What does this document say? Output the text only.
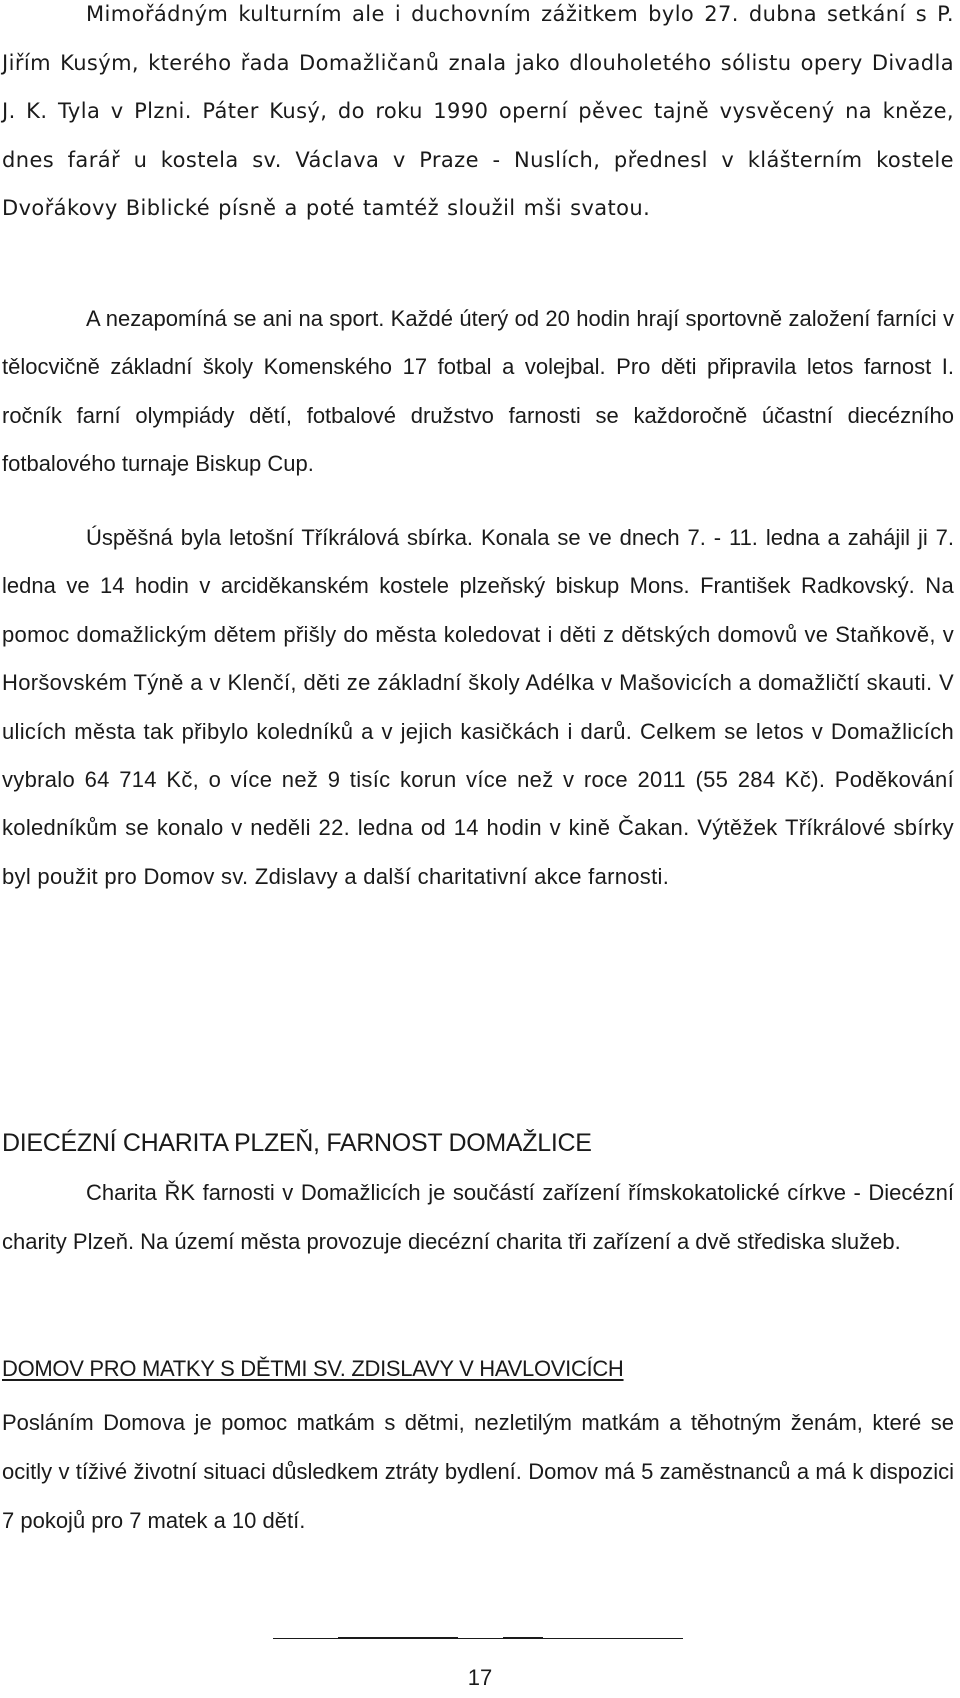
Mimořádným kulturním ale i duchovním zážitkem bylo 27. dubna setkání s P. Jiřím Kusým, kterého řada Domažličanů znala jako dlouholetého sólistu opery Divadla J. K. Tyla v Plzni. Páter Kusý, do roku 1990 operní pěvec tajně vysvěcený na kněze, dnes farář u kostela sv. Václava v Praze - Nuslích, přednesl v klášterním kostele Dvořákovy Biblické písně a poté tamtéž sloužil mši svatou.

A nezapomíná se ani na sport. Každé úterý od 20 hodin hrají sportovně založení farníci v tělocvičně základní školy Komenského 17 fotbal a volejbal. Pro děti připravila letos farnost I. ročník farní olympiády dětí, fotbalové družstvo farnosti se každoročně účastní diecézního fotbalového turnaje Biskup Cup.

Úspěšná byla letošní Tříkrálová sbírka. Konala se ve dnech 7. - 11. ledna a zahájil ji 7. ledna ve 14 hodin v arciděkanském kostele plzeňský biskup Mons. František Radkovský. Na pomoc domažlickým dětem přišly do města koledovat i děti z dětských domovů ve Staňkově, v Horšovském Týně a v Klenčí, děti ze základní školy Adélka v Mašovicích a domažličtí skauti. V ulicích města tak přibylo koledníků a v jejich kasičkách i darů. Celkem se letos v Domažlicích vybralo 64 714 Kč, o více než 9 tisíc korun více než v roce 2011 (55 284 Kč). Poděkování koledníkům se konalo v neděli 22. ledna od 14 hodin v kině Čakan. Výtěžek Tříkrálové sbírky byl použit pro Domov sv. Zdislavy a další charitativní akce farnosti.

DIECÉZNÍ CHARITA PLZEŇ, FARNOST DOMAŽLICE

Charita ŘK farnosti v Domažlicích je součástí zařízení římskokatolické církve - Diecézní charity Plzeň. Na území města provozuje diecézní charita tři zařízení a dvě střediska služeb.

DOMOV PRO MATKY S DĚTMI SV. ZDISLAVY V HAVLOVICÍCH

Posláním Domova je pomoc matkám s dětmi, nezletilým matkám a těhotným ženám, které se ocitly v tíživé životní situaci důsledkem ztráty bydlení. Domov má 5 zaměstnanců a má k dispozici 7 pokojů pro 7 matek a 10 dětí.

17
